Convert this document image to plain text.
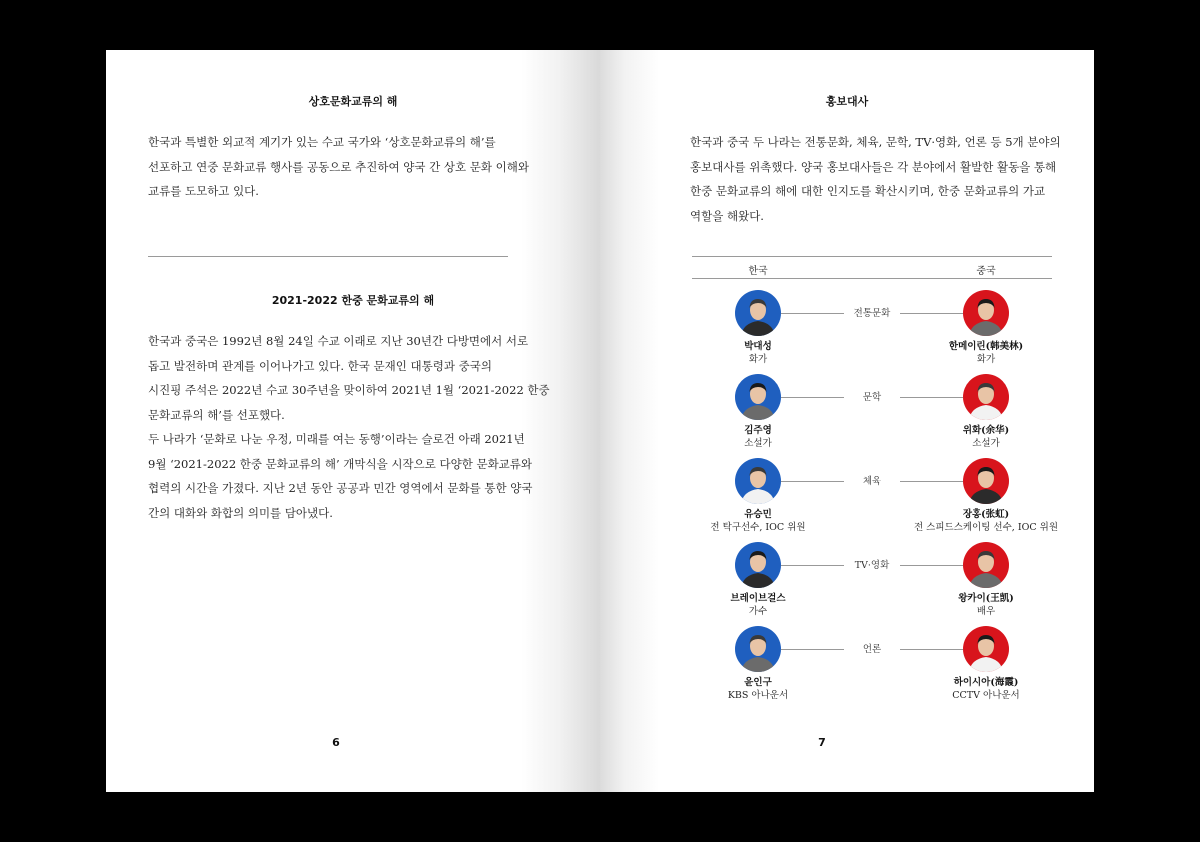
상호문화교류의 해

한국과 특별한 외교적 계기가 있는 수교 국가와 ‘상호문화교류의 해’를

선포하고 연중 문화교류 행사를 공동으로 추진하여 양국 간 상호 문화 이해와

교류를 도모하고 있다.

2021-2022 한중 문화교류의 해

한국과 중국은 1992년 8월 24일 수교 이래로 지난 30년간 다방면에서 서로

돕고 발전하며 관계를 이어나가고 있다. 한국 문재인 대통령과 중국의

시진핑 주석은 2022년 수교 30주년을 맞이하여 2021년 1월 ‘2021-2022 한중

문화교류의 해’를 선포했다.

두 나라가 ‘문화로 나눈 우정, 미래를 여는 동행’이라는 슬로건 아래 2021년

9월 ‘2021-2022 한중 문화교류의 해’ 개막식을 시작으로 다양한 문화교류와

협력의 시간을 가졌다. 지난 2년 동안 공공과 민간 영역에서 문화를 통한 양국

간의 대화와 화합의 의미를 담아냈다.

6
홍보대사

한국과 중국 두 나라는 전통문화, 체육, 문학, TV·영화, 언론 등 5개 분야의

홍보대사를 위촉했다. 양국 홍보대사들은 각 분야에서 활발한 활동을 통해

한중 문화교류의 해에 대한 인지도를 확산시키며, 한중 문화교류의 가교

역할을 해왔다.

한국	중국
전통문화
박대성
화가
한메이린(韩美林)
화가
문학
김주영
소설가
위화(余华)
소설가
체육
유승민
전 탁구선수, IOC 위원
장홍(张虹)
전 스피드스케이팅 선수, IOC 위원
TV·영화
브레이브걸스
가수
왕카이(王凯)
배우
언론
윤인구
KBS 아나운서
하이시아(海霞)
CCTV 아나운서
7
